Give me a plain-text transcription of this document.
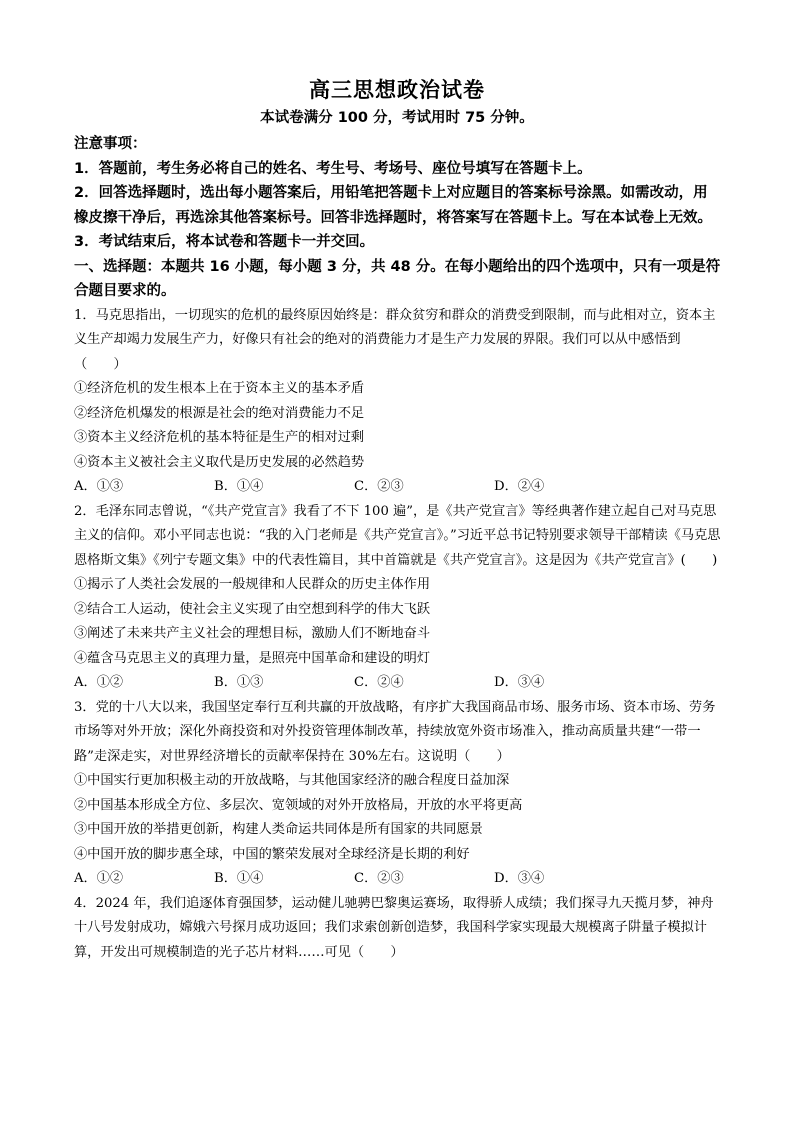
高三思想政治试卷
本试卷满分 100 分，考试用时 75 分钟。

注意事项：

1．答题前，考生务必将自己的姓名、考生号、考场号、座位号填写在答题卡上。

2．回答选择题时，选出每小题答案后，用铅笔把答题卡上对应题目的答案标号涂黑。如需改动，用橡皮擦干净后，再选涂其他答案标号。回答非选择题时，将答案写在答题卡上。写在本试卷上无效。

3．考试结束后，将本试卷和答题卡一并交回。

一、选择题：本题共 16 小题，每小题 3 分，共 48 分。在每小题给出的四个选项中，只有一项是符合题目要求的。

1．马克思指出，一切现实的危机的最终原因始终是：群众贫穷和群众的消费受到限制，而与此相对立，资本主义生产却竭力发展生产力，好像只有社会的绝对的消费能力才是生产力发展的界限。我们可以从中感悟到（　　）

①经济危机的发生根本上在于资本主义的基本矛盾

②经济危机爆发的根源是社会的绝对消费能力不足

③资本主义经济危机的基本特征是生产的相对过剩

④资本主义被社会主义取代是历史发展的必然趋势

A．①③	B．①④	C．②③	D．②④

2．毛泽东同志曾说，“《共产党宣言》我看了不下 100 遍”，是《共产党宣言》等经典著作建立起自己对马克思主义的信仰。邓小平同志也说：“我的入门老师是《共产党宣言》。”习近平总书记特别要求领导干部精读《马克思恩格斯文集》《列宁专题文集》中的代表性篇目，其中首篇就是《共产党宣言》。这是因为《共产党宣言》(　　)

①揭示了人类社会发展的一般规律和人民群众的历史主体作用

②结合工人运动，使社会主义实现了由空想到科学的伟大飞跃

③阐述了未来共产主义社会的理想目标，激励人们不断地奋斗

④蕴含马克思主义的真理力量，是照亮中国革命和建设的明灯

A．①②	B．①③	C．②④	D．③④

3．党的十八大以来，我国坚定奉行互利共赢的开放战略，有序扩大我国商品市场、服务市场、资本市场、劳务市场等对外开放；深化外商投资和对外投资管理体制改革，持续放宽外资市场准入，推动高质量共建“一带一路”走深走实，对世界经济增长的贡献率保持在 30%左右。这说明（　　）

①中国实行更加积极主动的开放战略，与其他国家经济的融合程度日益加深

②中国基本形成全方位、多层次、宽领域的对外开放格局，开放的水平将更高

③中国开放的举措更创新，构建人类命运共同体是所有国家的共同愿景

④中国开放的脚步惠全球，中国的繁荣发展对全球经济是长期的利好

A．①②	B．①④	C．②③	D．③④

4．2024 年，我们追逐体育强国梦，运动健儿驰骋巴黎奥运赛场，取得骄人成绩；我们探寻九天揽月梦，神舟十八号发射成功，嫦娥六号探月成功返回；我们求索创新创造梦，我国科学家实现最大规模离子阱量子模拟计算，开发出可规模制造的光子芯片材料……可见（　　）
